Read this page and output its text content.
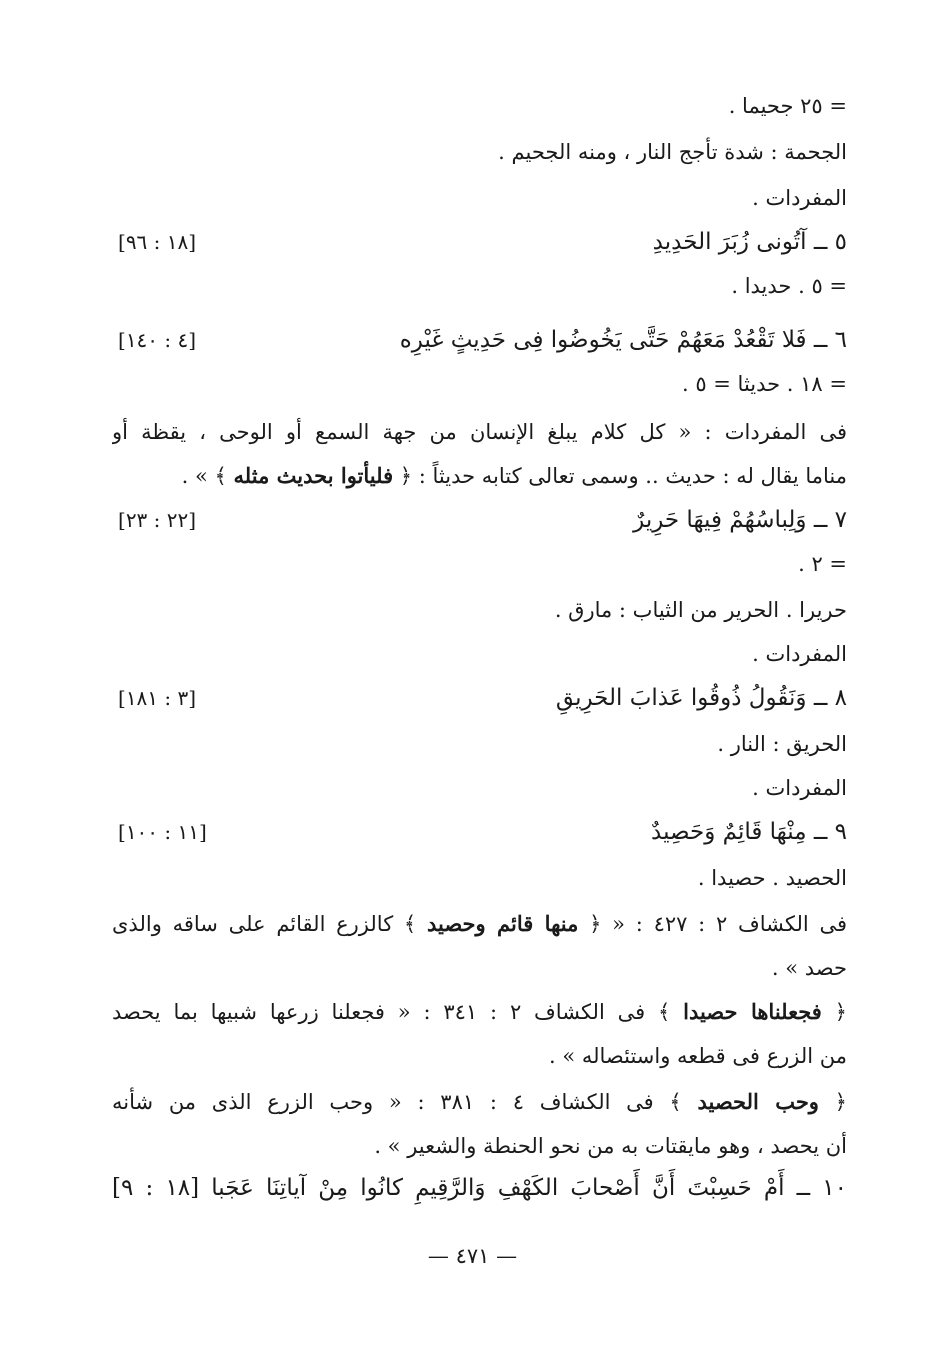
= ٢٥ جحيما .
الجحمة : شدة تأجج النار ، ومنه الجحيم .
المفردات .
٥ ــ آتُونى زُبَرَ الحَدِيدِ
[١٨ : ٩٦]
= ٥ . حديدا .
٦ ــ فَلا تَقْعُدْ مَعَهُمْ حَتَّى يَخُوضُوا فِى حَدِيثٍ غَيْرِه
[٤ : ١٤٠]
= ١٨ . حديثا = ٥ .
فى المفردات : « كل كلام يبلغ الإنسان من جهة السمع أو الوحى ، يقظة أو
مناما يقال له : حديث .. وسمى تعالى كتابه حديثاً : ﴿ فليأتوا بحديث مثله ﴾ » .
٧ ــ وَلِباسُهُمْ فِيهَا حَرِيرٌ
[٢٢ : ٢٣]
= ٢ .
حريرا . الحرير من الثياب : مارق .
المفردات .
٨ ــ وَنَقُولُ ذُوقُوا عَذابَ الحَرِيقِ
[٣ : ١٨١]
الحريق : النار .
المفردات .
٩ ــ مِنْهَا قَائِمٌ وَحَصِيدٌ
[١١ : ١٠٠]
الحصيد . حصيدا .
فى الكشاف ٢ : ٤٢٧ : « ﴿ منها قائم وحصيد ﴾ كالزرع القائم على ساقه والذى
حصد » .
﴿ فجعلناها حصيدا ﴾ فى الكشاف ٢ : ٣٤١ : « فجعلنا زرعها شبيها بما يحصد
من الزرع فى قطعه واستئصاله » .
﴿ وحب الحصيد ﴾ فى الكشاف ٤ : ٣٨١ : « وحب الزرع الذى من شأنه
أن يحصد ، وهو مايقتات به من نحو الحنطة والشعير » .
١٠ ــ أَمْ حَسِبْتَ أَنَّ أَصْحابَ الكَهْفِ وَالرَّقِيمِ كانُوا مِنْ آياتِنَا عَجَبا [١٨ : ٩]
— ٤٧١ —
